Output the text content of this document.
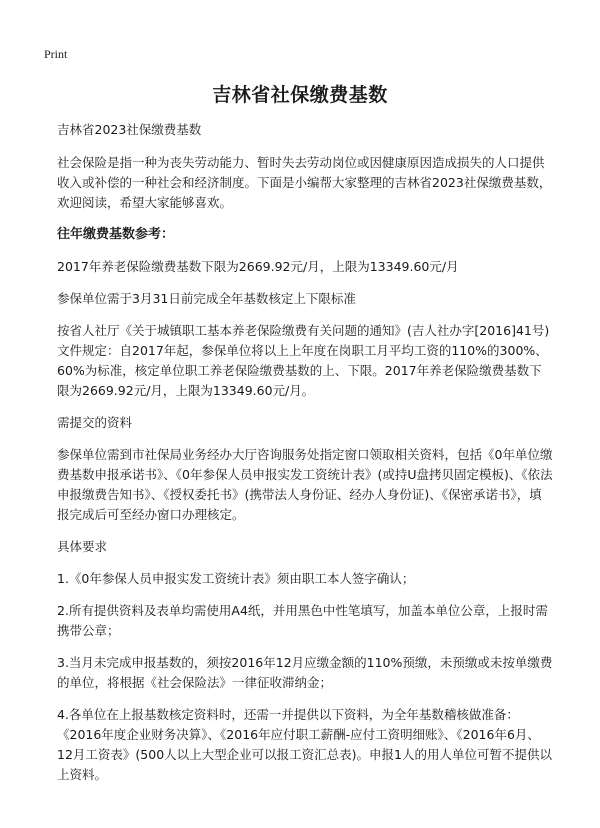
Print
吉林省社保缴费基数

吉林省2023社保缴费基数

社会保险是指一种为丧失劳动能力、暂时失去劳动岗位或因健康原因造成损失的人口提供收入或补偿的一种社会和经济制度。下面是小编帮大家整理的吉林省2023社保缴费基数，欢迎阅读，希望大家能够喜欢。

往年缴费基数参考：

2017年养老保险缴费基数下限为2669.92元/月，上限为13349.60元/月

参保单位需于3月31日前完成全年基数核定上下限标准

按省人社厅《关于城镇职工基本养老保险缴费有关问题的通知》(吉人社办字[2016]41号)文件规定：自2017年起，参保单位将以上上年度在岗职工月平均工资的110%的300%、60%为标准，核定单位职工养老保险缴费基数的上、下限。2017年养老保险缴费基数下限为2669.92元/月，上限为13349.60元/月。

需提交的资料

参保单位需到市社保局业务经办大厅咨询服务处指定窗口领取相关资料，包括《0年单位缴费基数申报承诺书》、《0年参保人员申报实发工资统计表》(或持U盘拷贝固定模板)、《依法申报缴费告知书》、《授权委托书》(携带法人身份证、经办人身份证)、《保密承诺书》，填报完成后可至经办窗口办理核定。

具体要求

1.《0年参保人员申报实发工资统计表》须由职工本人签字确认；

2.所有提供资料及表单均需使用A4纸，并用黑色中性笔填写，加盖本单位公章，上报时需携带公章；

3.当月未完成申报基数的，须按2016年12月应缴金额的110%预缴，未预缴或未按单缴费的单位，将根据《社会保险法》一律征收滞纳金；

4.各单位在上报基数核定资料时，还需一并提供以下资料，为全年基数稽核做准备：《2016年度企业财务决算》、《2016年应付职工薪酬-应付工资明细账》、《2016年6月、12月工资表》(500人以上大型企业可以报工资汇总表)。申报1人的用人单位可暂不提供以上资料。
